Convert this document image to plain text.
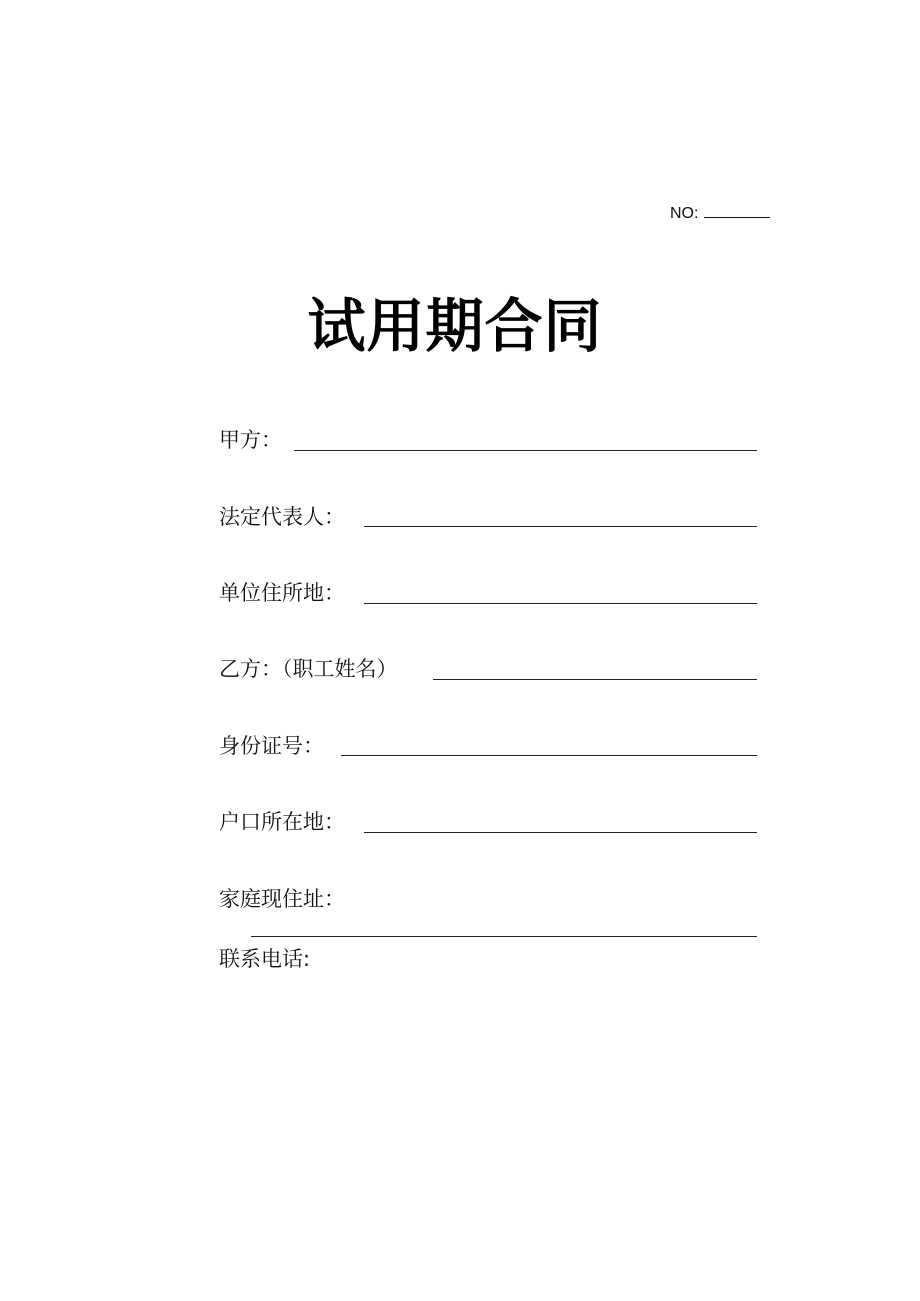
NO:
试用期合同
甲方：
法定代表人：
单位住所地：
乙方：（职工姓名）
身份证号：
户口所在地：
家庭现住址：
联系电话:
